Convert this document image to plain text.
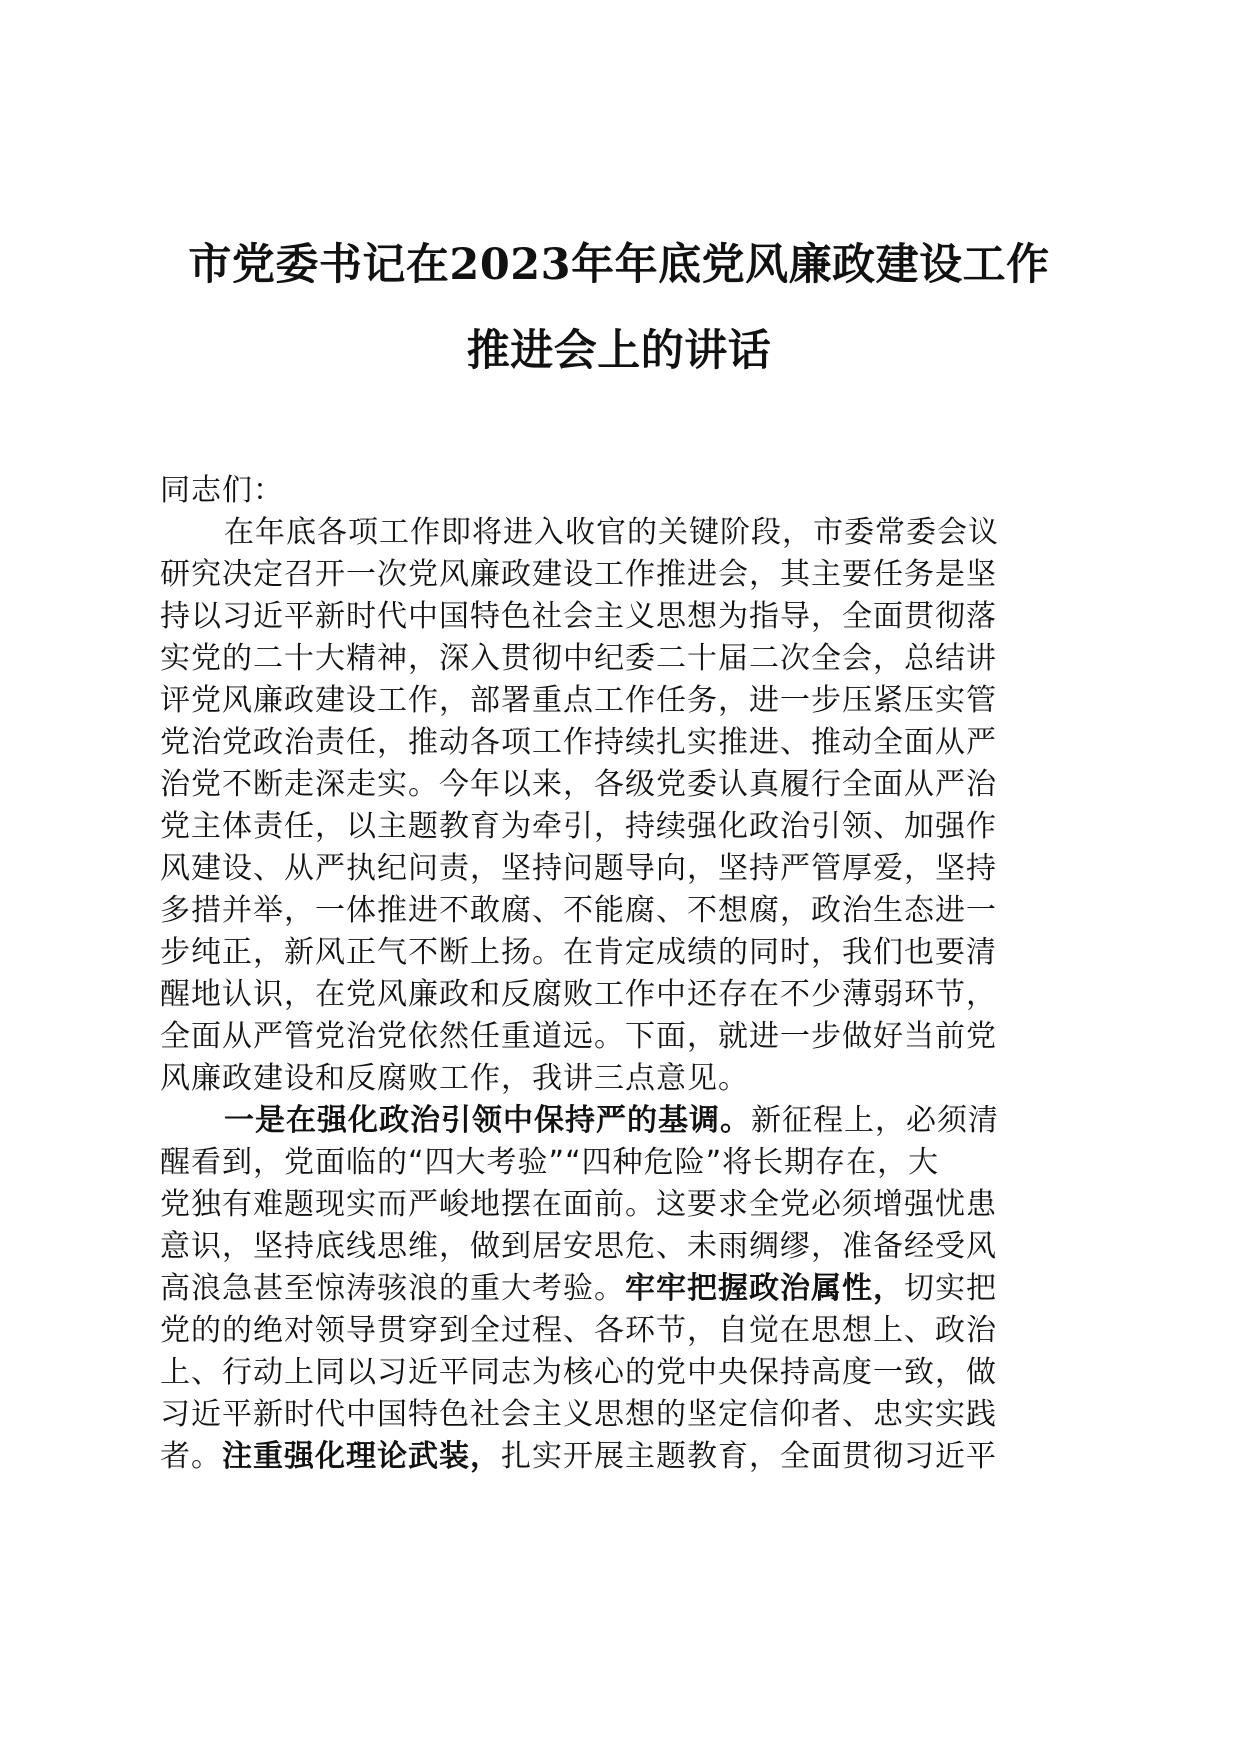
市党委书记在2023年年底党风廉政建设工作
推进会上的讲话
同志们：
在年底各项工作即将进入收官的关键阶段，市委常委会议
研究决定召开一次党风廉政建设工作推进会，其主要任务是坚
持以习近平新时代中国特色社会主义思想为指导，全面贯彻落
实党的二十大精神，深入贯彻中纪委二十届二次全会，总结讲
评党风廉政建设工作，部署重点工作任务，进一步压紧压实管
党治党政治责任，推动各项工作持续扎实推进、推动全面从严
治党不断走深走实。今年以来，各级党委认真履行全面从严治
党主体责任，以主题教育为牵引，持续强化政治引领、加强作
风建设、从严执纪问责，坚持问题导向，坚持严管厚爱，坚持
多措并举，一体推进不敢腐、不能腐、不想腐，政治生态进一
步纯正，新风正气不断上扬。在肯定成绩的同时，我们也要清
醒地认识，在党风廉政和反腐败工作中还存在不少薄弱环节，
全面从严管党治党依然任重道远。下面，就进一步做好当前党
风廉政建设和反腐败工作，我讲三点意见。
一是在强化政治引领中保持严的基调。新征程上，必须清
醒看到，党面临的“四大考验”“四种危险”将长期存在，大
党独有难题现实而严峻地摆在面前。这要求全党必须增强忧患
意识，坚持底线思维，做到居安思危、未雨绸缪，准备经受风
高浪急甚至惊涛骇浪的重大考验。牢牢把握政治属性，切实把
党的的绝对领导贯穿到全过程、各环节，自觉在思想上、政治
上、行动上同以习近平同志为核心的党中央保持高度一致，做
习近平新时代中国特色社会主义思想的坚定信仰者、忠实实践
者。注重强化理论武装，扎实开展主题教育，全面贯彻习近平
